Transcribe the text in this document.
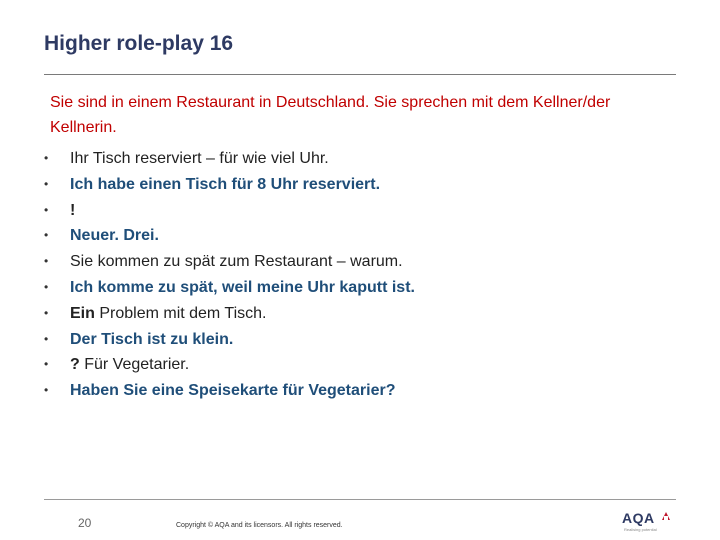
Higher role-play 16
Sie sind in einem Restaurant in Deutschland. Sie sprechen mit dem Kellner/der Kellnerin.
• Ihr Tisch reserviert – für wie viel Uhr.
• Ich habe einen Tisch für 8 Uhr reserviert.
• !
• Neuer. Drei.
• Sie kommen zu spät zum Restaurant – warum.
• Ich komme zu spät, weil meine Uhr kaputt ist.
• Ein Problem mit dem Tisch.
• Der Tisch ist zu klein.
• ? Für Vegetarier.
• Haben Sie eine Speisekarte für Vegetarier?
20	Copyright © AQA and its licensors. All rights reserved.	AQA
Realising potential
